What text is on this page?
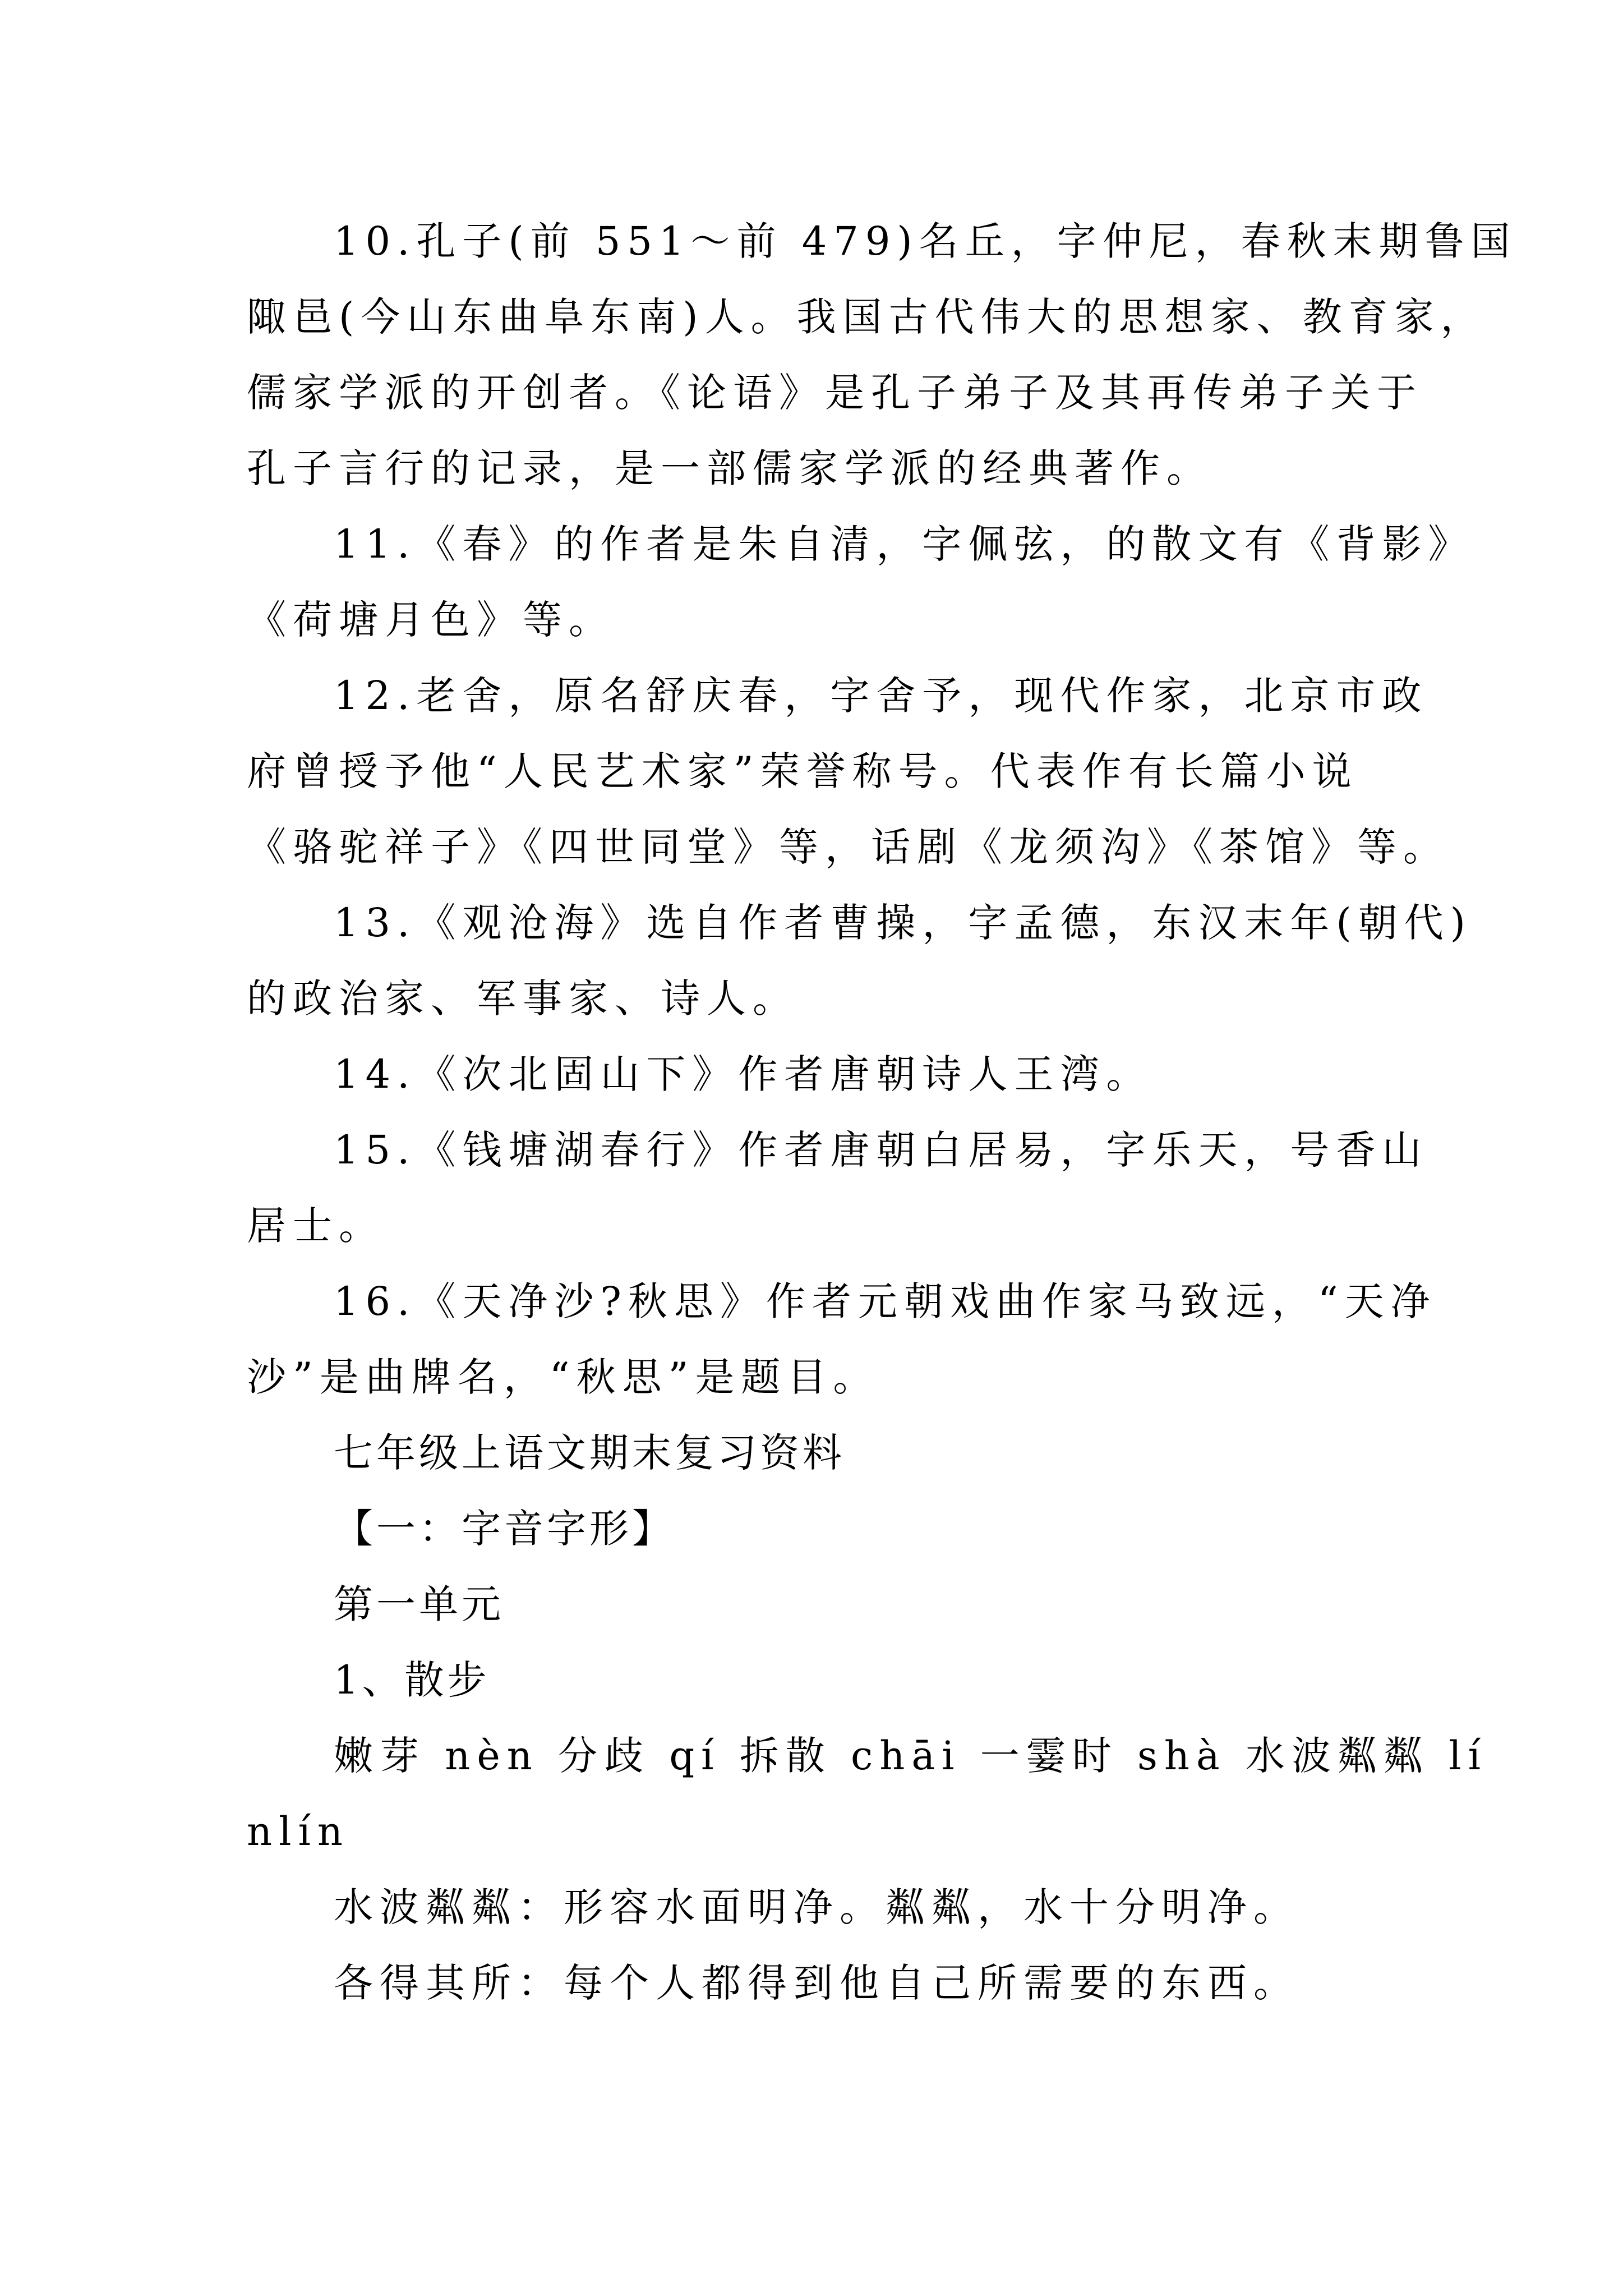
10.孔子(前 551～前 479)名丘，字仲尼，春秋末期鲁国
陬邑(今山东曲阜东南)人。我国古代伟大的思想家、教育家，
儒家学派的开创者。《论语》是孔子弟子及其再传弟子关于
孔子言行的记录，是一部儒家学派的经典著作。
11.《春》的作者是朱自清，字佩弦，的散文有《背影》
《荷塘月色》等。
12.老舍，原名舒庆春，字舍予，现代作家，北京市政
府曾授予他“人民艺术家”荣誉称号。代表作有长篇小说
《骆驼祥子》《四世同堂》等，话剧《龙须沟》《茶馆》等。
13.《观沧海》选自作者曹操，字孟德，东汉末年(朝代)
的政治家、军事家、诗人。
14.《次北固山下》作者唐朝诗人王湾。
15.《钱塘湖春行》作者唐朝白居易，字乐天，号香山
居士。
16.《天净沙?秋思》作者元朝戏曲作家马致远，“天净
沙”是曲牌名，“秋思”是题目。
七年级上语文期末复习资料
【一：字音字形】
第一单元
1、散步
嫩芽 nèn 分歧 qí 拆散 chāi 一霎时 shà 水波粼粼 lí
nlín
水波粼粼：形容水面明净。粼粼，水十分明净。
各得其所：每个人都得到他自己所需要的东西。
